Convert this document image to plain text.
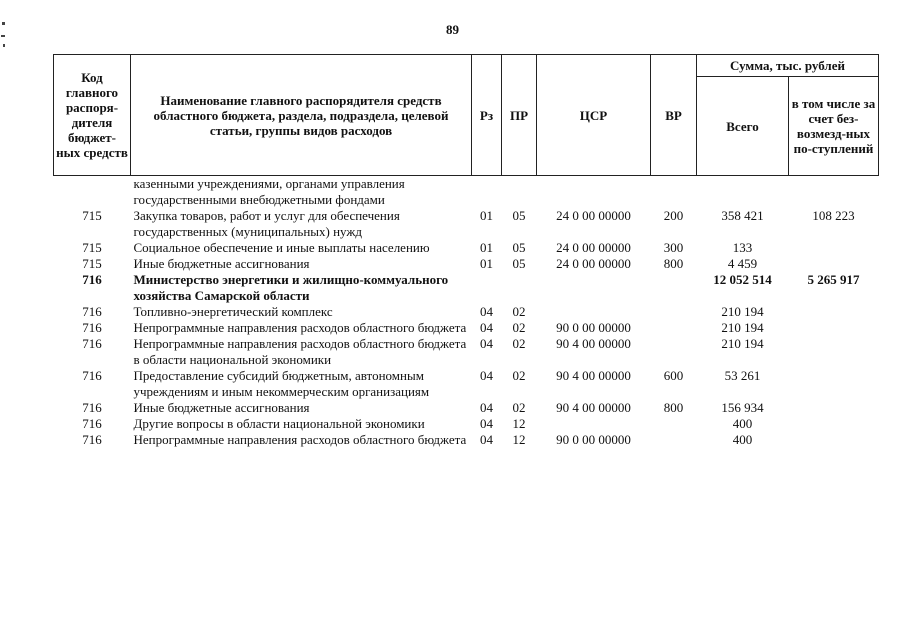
89
Код главного распоря-дителя бюджет-ных средств	Наименование главного распорядителя средств областного бюджета, раздела, подраздела, целевой статьи, группы видов расходов	Рз	ПР	ЦСР	ВР	Сумма, тыс. рублей	
						Всего	в том числе за счет без-возмезд-ных по-ступлений
	казенными учреждениями, органами управления государственными внебюджетными фондами						
715	Закупка товаров, работ и услуг для обеспечения государственных (муниципальных) нужд	01	05	24 0 00 00000	200	358 421	108 223
715	Социальное обеспечение и иные выплаты населению	01	05	24 0 00 00000	300	133	
715	Иные бюджетные ассигнования	01	05	24 0 00 00000	800	4 459	
716	Министерство энергетики и жилищно-коммуального хозяйства Самарской области					12 052 514	5 265 917
716	Топливно-энергетический комплекс	04	02			210 194	
716	Непрограммные направления расходов областного бюджета	04	02	90 0 00 00000		210 194	
716	Непрограммные направления расходов областного бюджета в области национальной экономики	04	02	90 4 00 00000		210 194	
716	Предоставление субсидий бюджетным, автономным учреждениям и иным некоммерческим организациям	04	02	90 4 00 00000	600	53 261	
716	Иные бюджетные ассигнования	04	02	90 4 00 00000	800	156 934	
716	Другие вопросы в области национальной экономики	04	12			400	
716	Непрограммные направления расходов областного бюджета	04	12	90 0 00 00000		400	
